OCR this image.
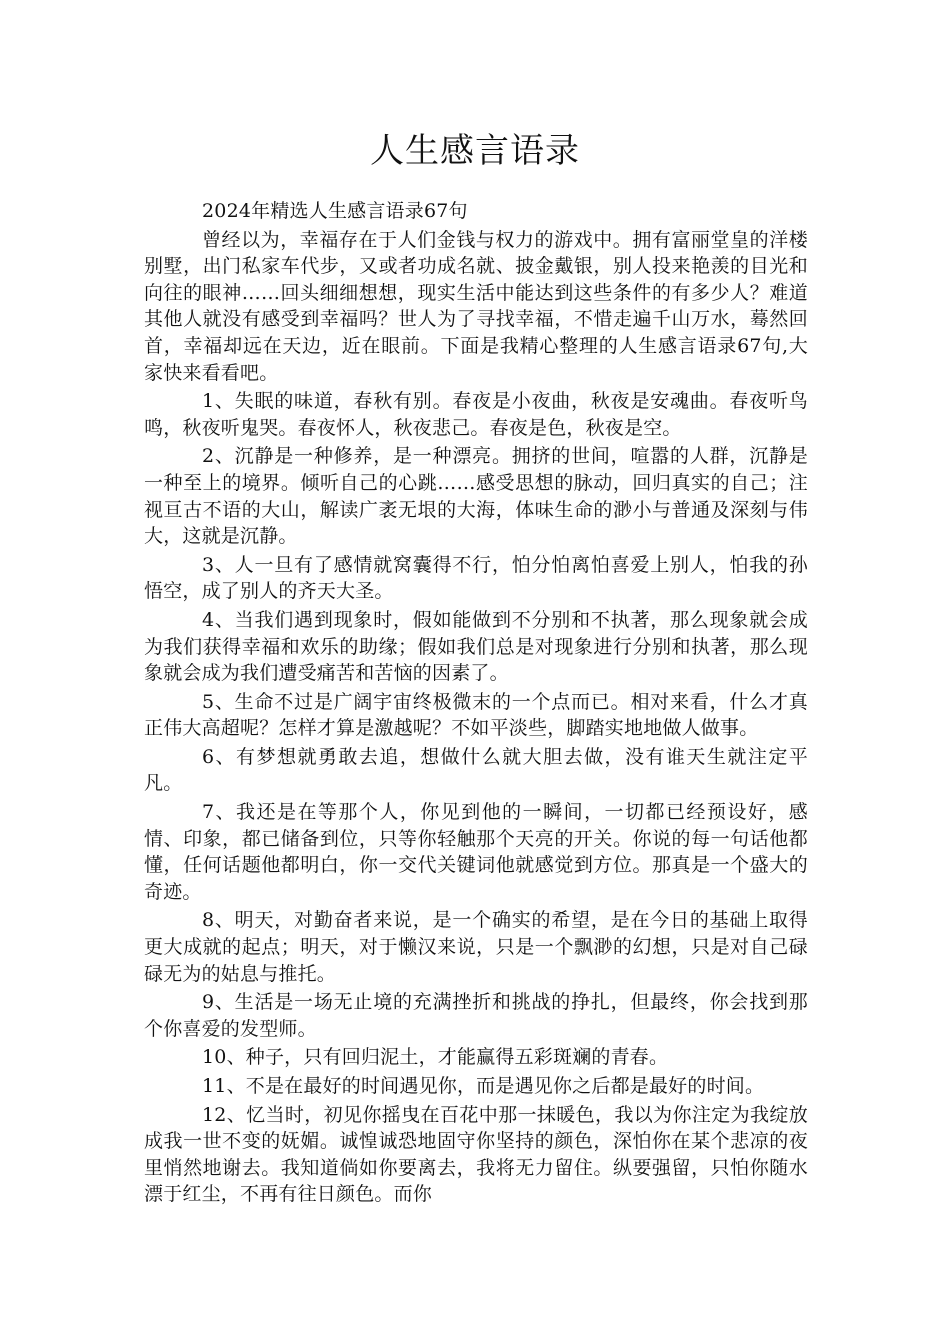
人生感言语录

2024年精选人生感言语录67句

曾经以为，幸福存在于人们金钱与权力的游戏中。拥有富丽堂皇的洋楼别墅，出门私家车代步，又或者功成名就、披金戴银，别人投来艳羡的目光和向往的眼神……回头细细想想，现实生活中能达到这些条件的有多少人？难道其他人就没有感受到幸福吗？世人为了寻找幸福，不惜走遍千山万水，蓦然回首，幸福却远在天边，近在眼前。下面是我精心整理的人生感言语录67句,大家快来看看吧。

1、失眠的味道，春秋有别。春夜是小夜曲，秋夜是安魂曲。春夜听鸟鸣，秋夜听鬼哭。春夜怀人，秋夜悲己。春夜是色，秋夜是空。

2、沉静是一种修养，是一种漂亮。拥挤的世间，喧嚣的人群，沉静是一种至上的境界。倾听自己的心跳……感受思想的脉动，回归真实的自己；注视亘古不语的大山，解读广袤无垠的大海，体味生命的渺小与普通及深刻与伟大，这就是沉静。

3、人一旦有了感情就窝囊得不行，怕分怕离怕喜爱上别人，怕我的孙悟空，成了别人的齐天大圣。

4、当我们遇到现象时，假如能做到不分别和不执著，那么现象就会成为我们获得幸福和欢乐的助缘；假如我们总是对现象进行分别和执著，那么现象就会成为我们遭受痛苦和苦恼的因素了。

5、生命不过是广阔宇宙终极微末的一个点而已。相对来看，什么才真正伟大高超呢？怎样才算是激越呢？不如平淡些，脚踏实地地做人做事。

6、有梦想就勇敢去追，想做什么就大胆去做，没有谁天生就注定平凡。

7、我还是在等那个人，你见到他的一瞬间，一切都已经预设好，感情、印象，都已储备到位，只等你轻触那个天亮的开关。你说的每一句话他都懂，任何话题他都明白，你一交代关键词他就感觉到方位。那真是一个盛大的奇迹。

8、明天，对勤奋者来说，是一个确实的希望，是在今日的基础上取得更大成就的起点；明天，对于懒汉来说，只是一个飘渺的幻想，只是对自己碌碌无为的姑息与推托。

9、生活是一场无止境的充满挫折和挑战的挣扎，但最终，你会找到那个你喜爱的发型师。

10、种子，只有回归泥土，才能赢得五彩斑斓的青春。

11、不是在最好的时间遇见你，而是遇见你之后都是最好的时间。

12、忆当时，初见你摇曳在百花中那一抹暖色，我以为你注定为我绽放成我一世不变的妩媚。诚惶诚恐地固守你坚持的颜色，深怕你在某个悲凉的夜里悄然地谢去。我知道倘如你要离去，我将无力留住。纵要强留，只怕你随水漂于红尘，不再有往日颜色。而你
